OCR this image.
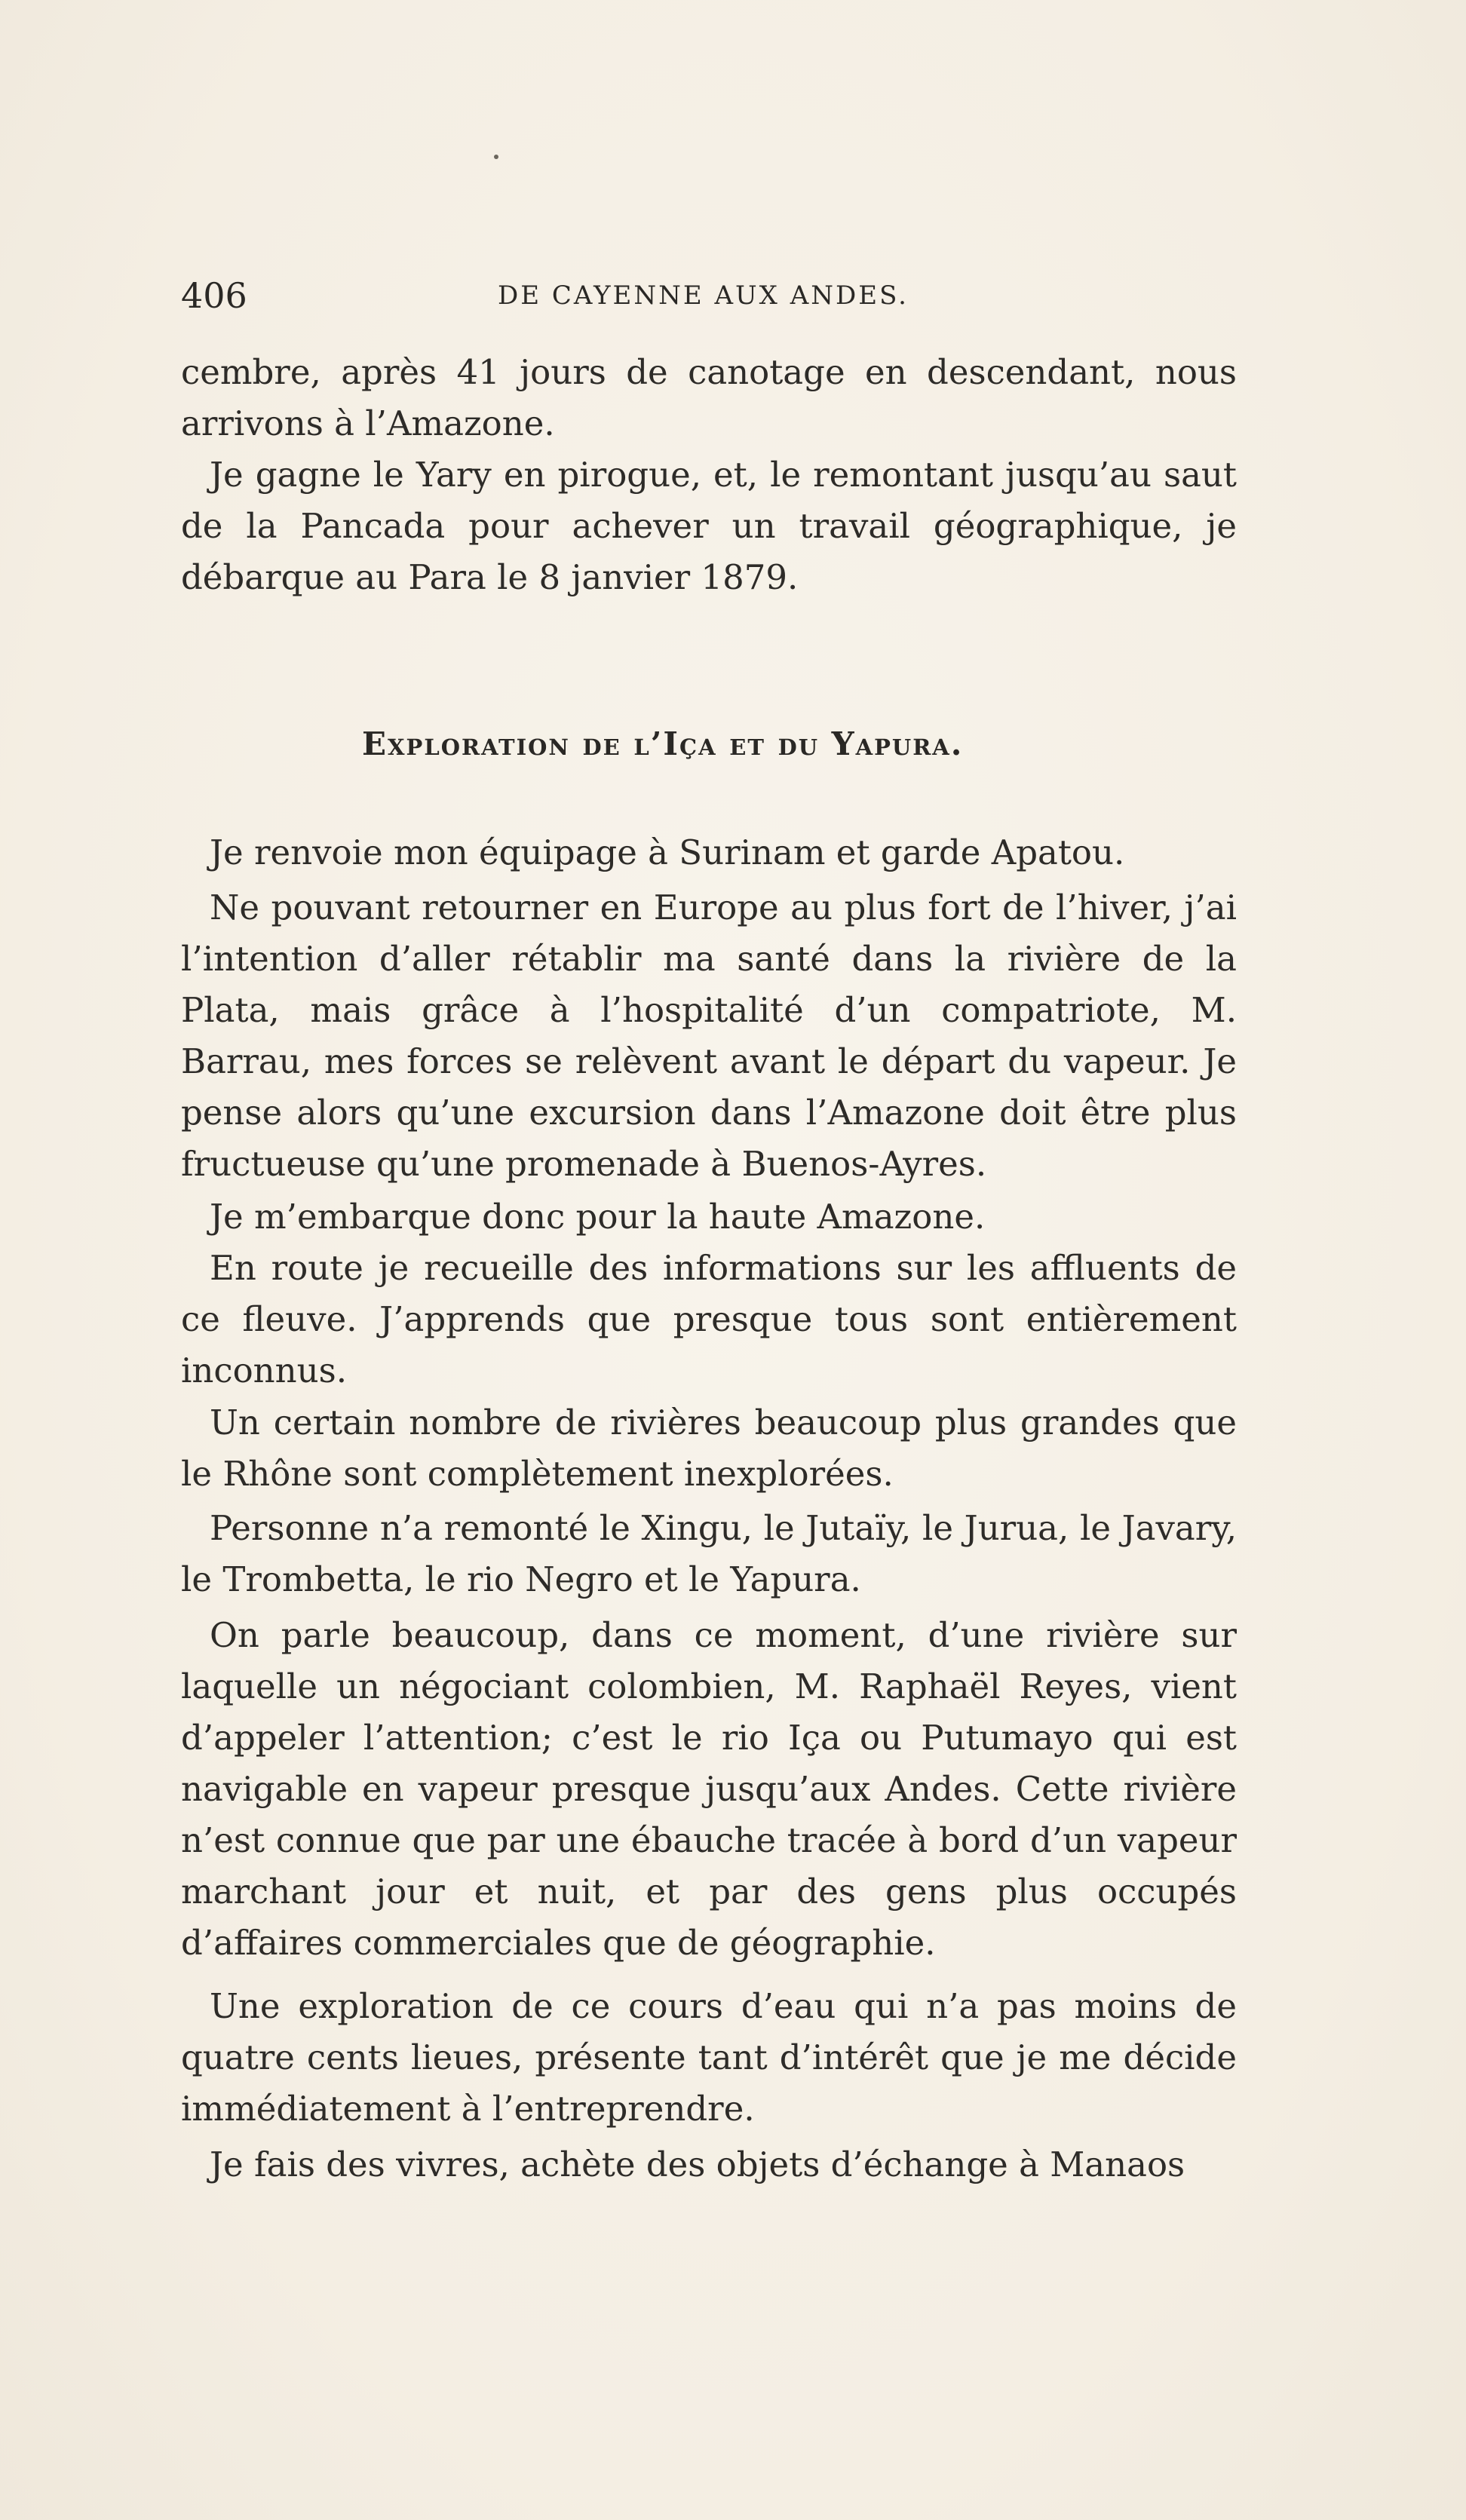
406	DE CAYENNE AUX ANDES.

cembre, après 41 jours de canotage en descendant, nous arrivons à l’Amazone.

Je gagne le Yary en pirogue, et, le remontant jusqu’au saut de la Pancada pour achever un travail géographique, je débarque au Para le 8 janvier 1879.

Exploration de l’Iça et du Yapura.

Je renvoie mon équipage à Surinam et garde Apatou.

Ne pouvant retourner en Europe au plus fort de l’hiver, j’ai l’intention d’aller rétablir ma santé dans la rivière de la Plata, mais grâce à l’hospitalité d’un compatriote, M. Barrau, mes forces se relèvent avant le départ du vapeur. Je pense alors qu’une excursion dans l’Amazone doit être plus fructueuse qu’une promenade à Buenos-Ayres.

Je m’embarque donc pour la haute Amazone.

En route je recueille des informations sur les affluents de ce fleuve. J’apprends que presque tous sont entièrement inconnus.

Un certain nombre de rivières beaucoup plus grandes que le Rhône sont complètement inexplorées.

Personne n’a remonté le Xingu, le Jutaïy, le Jurua, le Javary, le Trombetta, le rio Negro et le Yapura.

On parle beaucoup, dans ce moment, d’une rivière sur laquelle un négociant colombien, M. Raphaël Reyes, vient d’appeler l’attention; c’est le rio Iça ou Putumayo qui est navigable en vapeur presque jusqu’aux Andes. Cette rivière n’est connue que par une ébauche tracée à bord d’un vapeur marchant jour et nuit, et par des gens plus occupés d’affaires commerciales que de géographie.

Une exploration de ce cours d’eau qui n’a pas moins de quatre cents lieues, présente tant d’intérêt que je me décide immédiatement à l’entreprendre.

Je fais des vivres, achète des objets d’échange à Manaos
